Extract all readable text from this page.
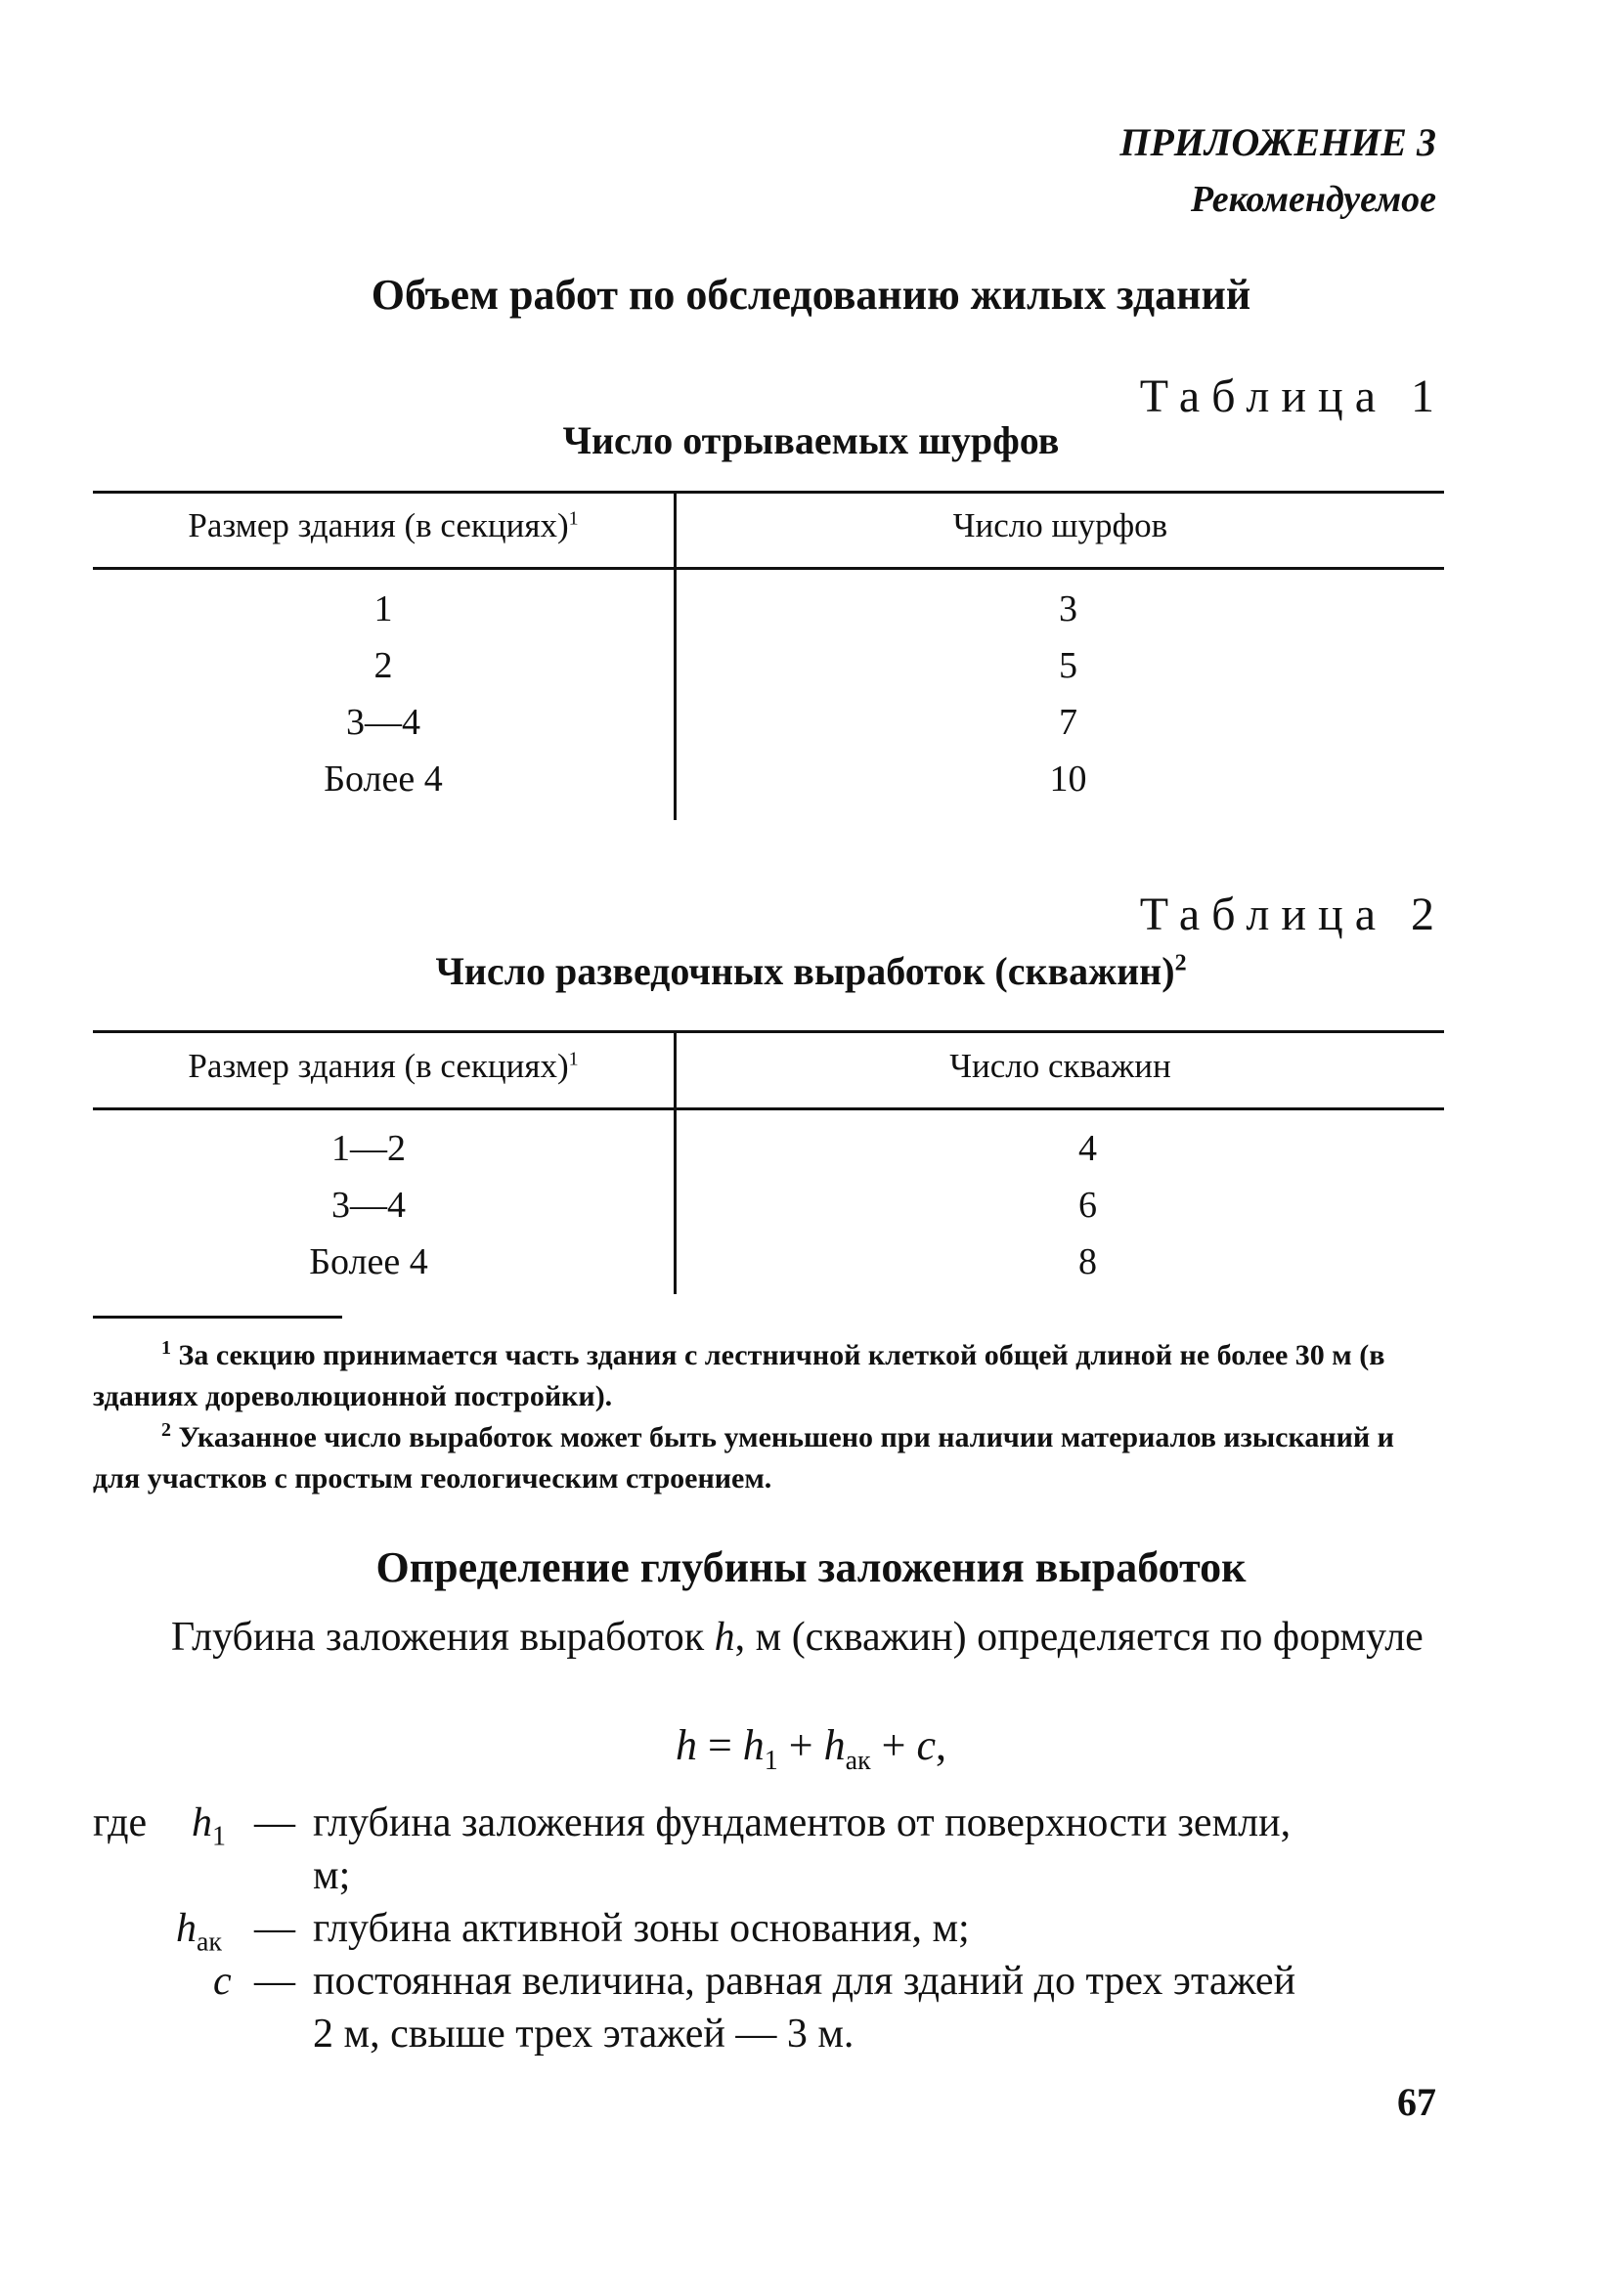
ПРИЛОЖЕНИЕ 3
Рекомендуемое
Объем работ по обследованию жилых зданий
Таблица 1
Число отрываемых шурфов
Размер здания (в секциях)$^1$	Число шурфов
1	3
2	5
3—4	7
Более 4	10
Таблица 2
Число разведочных выработок (скважин)$^2$
Размер здания (в секциях)$^1$	Число скважин
1—2	4
3—4	6
Более 4	8
$^1$ За секцию принимается часть здания с лестничной клеткой общей длиной не более 30 м (в зданиях дореволюционной постройки).
$^2$ Указанное число выработок может быть уменьшено при наличии материалов изысканий и для участков с простым геологическим строением.
Определение глубины заложения выработок
Глубина заложения выработок h, м (скважин) определяется по формуле
$h = h_1 + h_{ак} + c$,
где $h_1$ — глубина заложения фундаментов от поверхности земли,
м;
$h_{ак}$ — глубина активной зоны основания, м;
c — постоянная величина, равная для зданий до трех этажей
2 м, свыше трех этажей — 3 м.
67
